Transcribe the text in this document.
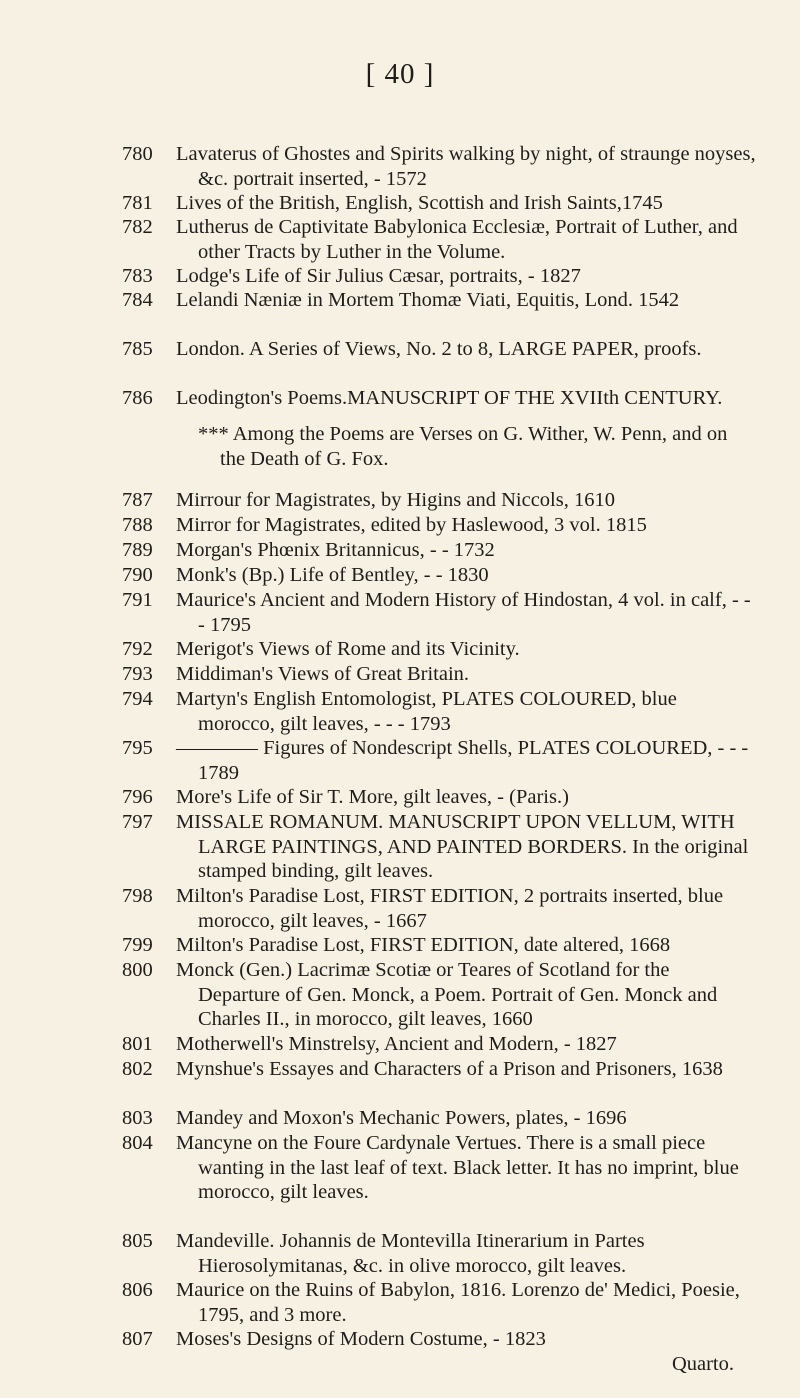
[ 40 ]
780 Lavaterus of Ghostes and Spirits walking by night, of straunge noyses, &c. portrait inserted, - 1572
781 Lives of the British, English, Scottish and Irish Saints,1745
782 Lutherus de Captivitate Babylonica Ecclesiæ, Portrait of Luther, and other Tracts by Luther in the Volume.
783 Lodge's Life of Sir Julius Cæsar, portraits, - 1827
784 Lelandi Næniæ in Mortem Thomæ Viati, Equitis, Lond. 1542
785 London. A Series of Views, No. 2 to 8, LARGE PAPER, proofs.
786 Leodington's Poems.MANUSCRIPT OF THE XVIIth CENTURY.
*** Among the Poems are Verses on G. Wither, W. Penn, and on the Death of G. Fox.
787 Mirrour for Magistrates, by Higins and Niccols, 1610
788 Mirror for Magistrates, edited by Haslewood, 3 vol. 1815
789 Morgan's Phœnix Britannicus, - - 1732
790 Monk's (Bp.) Life of Bentley, - - 1830
791 Maurice's Ancient and Modern History of Hindostan, 4 vol. in calf, - - - 1795
792 Merigot's Views of Rome and its Vicinity.
793 Middiman's Views of Great Britain.
794 Martyn's English Entomologist, PLATES COLOURED, blue morocco, gilt leaves, - - - 1793
795 ———— Figures of Nondescript Shells, PLATES COLOURED, - - - 1789
796 More's Life of Sir T. More, gilt leaves, - (Paris.)
797 MISSALE ROMANUM. MANUSCRIPT UPON VELLUM, WITH LARGE PAINTINGS, AND PAINTED BORDERS. In the original stamped binding, gilt leaves.
798 Milton's Paradise Lost, FIRST EDITION, 2 portraits inserted, blue morocco, gilt leaves, - 1667
799 Milton's Paradise Lost, FIRST EDITION, date altered, 1668
800 Monck (Gen.) Lacrimæ Scotiæ or Teares of Scotland for the Departure of Gen. Monck, a Poem. Portrait of Gen. Monck and Charles II., in morocco, gilt leaves, 1660
801 Motherwell's Minstrelsy, Ancient and Modern, - 1827
802 Mynshue's Essayes and Characters of a Prison and Prisoners, 1638
803 Mandey and Moxon's Mechanic Powers, plates, - 1696
804 Mancyne on the Foure Cardynale Vertues. There is a small piece wanting in the last leaf of text. Black letter. It has no imprint, blue morocco, gilt leaves.
805 Mandeville. Johannis de Montevilla Itinerarium in Partes Hierosolymitanas, &c. in olive morocco, gilt leaves.
806 Maurice on the Ruins of Babylon, 1816. Lorenzo de' Medici, Poesie, 1795, and 3 more.
807 Moses's Designs of Modern Costume, - 1823
Quarto.
